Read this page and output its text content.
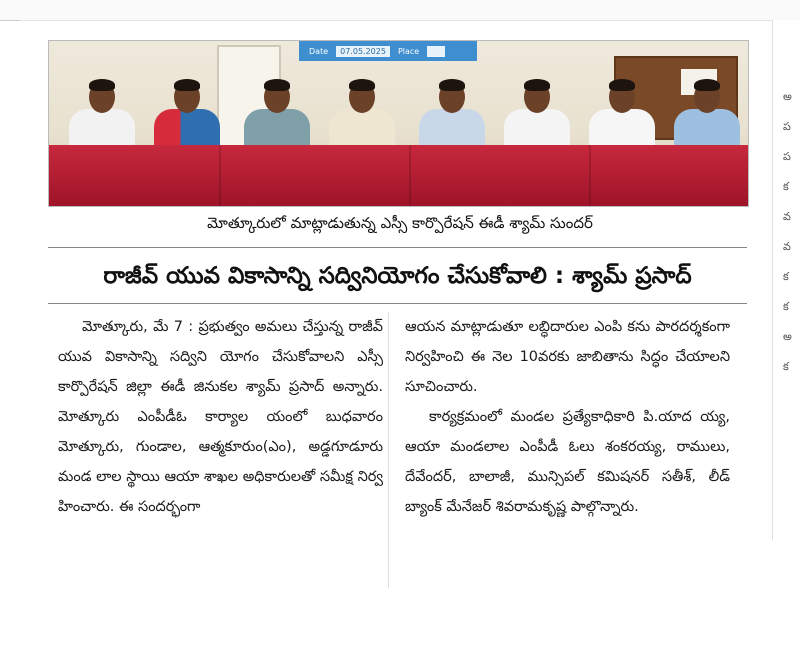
అ
ప
ప
క
వ
వ
క
క
అ
క
Date	07.05.2025	Place

మోత్కూరులో మాట్లాడుతున్న ఎస్సీ కార్పొరేషన్ ఈడీ శ్యామ్ సుందర్
రాజీవ్ యువ వికాసాన్ని సద్వినియోగం చేసుకోవాలి : శ్యామ్ ప్రసాద్

మోత్కూరు, మే 7 : ప్రభుత్వం అమలు చేస్తున్న రాజీవ్ యువ వికాసాన్ని సద్విని యోగం చేసుకోవాలని ఎస్సీ కార్పొరేషన్ జిల్లా ఈడీ జినుకల శ్యామ్ ప్రసాద్ అన్నారు. మోత్కూరు ఎంపీడీఓ కార్యాల యంలో బుధవారం మోత్కూరు, గుండాల, ఆత్మకూరుం(ఎం), అడ్డగూడూరు మండ లాల స్థాయి ఆయా శాఖల అధికారులతో సమీక్ష నిర్వహించారు. ఈ సందర్భంగా

ఆయన మాట్లాడుతూ లబ్ధిదారుల ఎంపి కను పారదర్శకంగా నిర్వహించి ఈ నెల 10వరకు జాబితాను సిద్ధం చేయాలని సూచించారు.

కార్యక్రమంలో మండల ప్రత్యేకాధికారి పి.యాద య్య, ఆయా మండలాల ఎంపీడీ ఓలు శంకరయ్య, రాములు, దేవేందర్, బాలాజీ, మున్సిపల్ కమిషనర్ సతీశ్, లీడ్ బ్యాంక్ మేనేజర్ శివరామకృష్ణ పాల్గొన్నారు.
